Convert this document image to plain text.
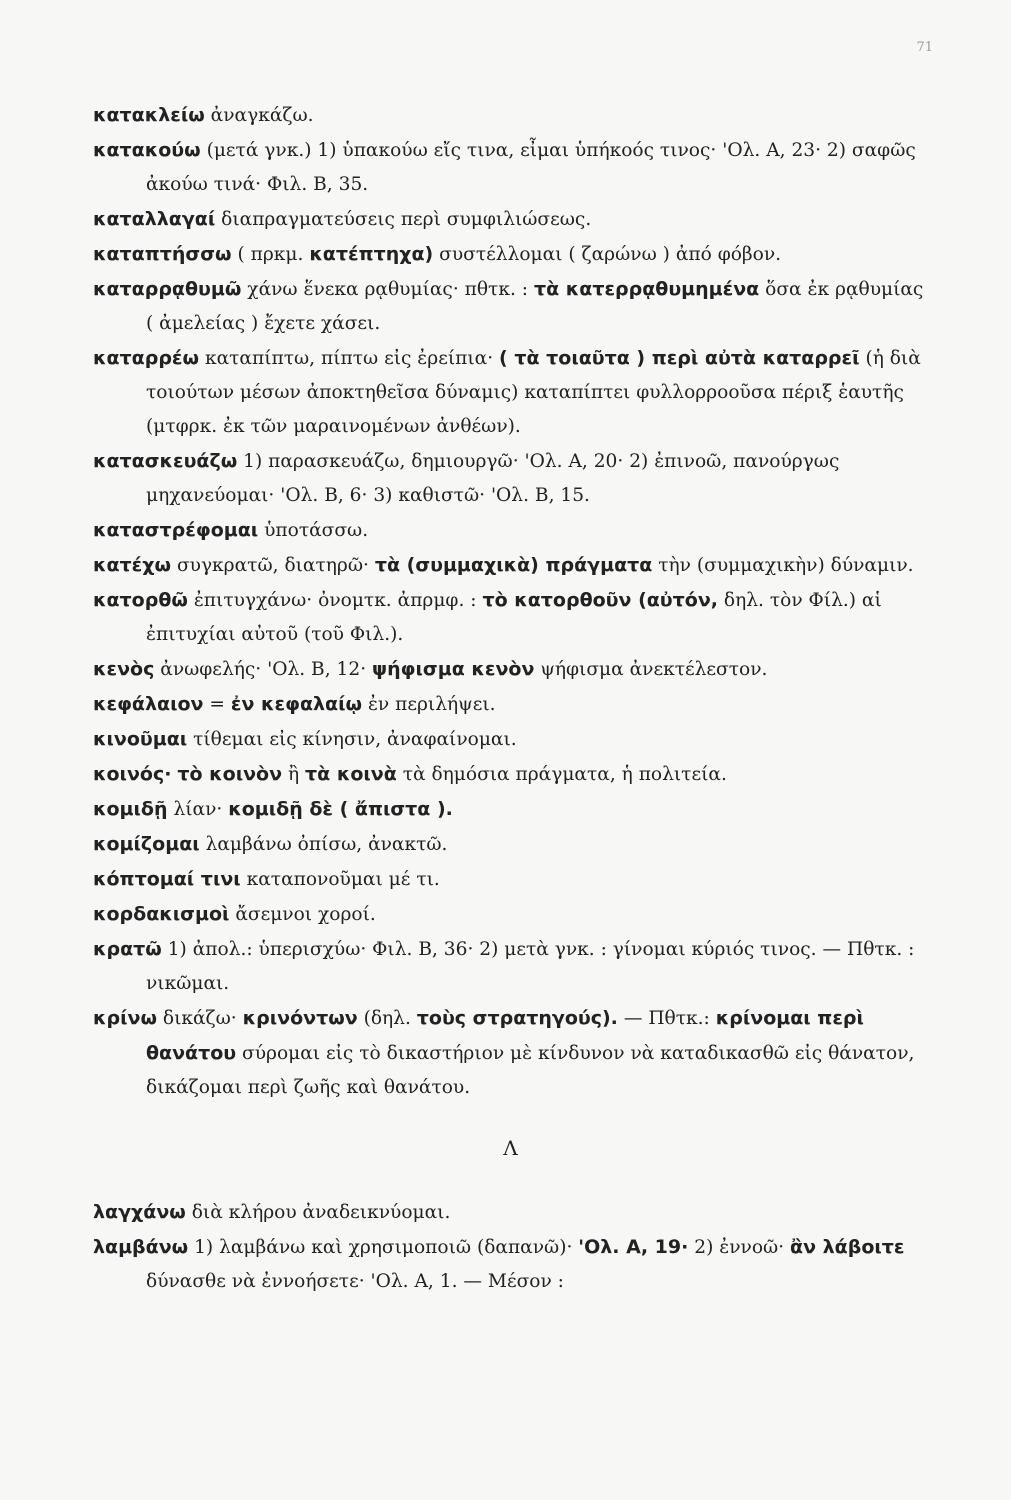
71
κατακλείω ἀναγκάζω.
κατακούω (μετά γνκ.) 1) ὑπακούω εἴς τινα, εἶμαι ὑπήκοός τινος· 'Ολ. Α, 23· 2) σαφῶς ἀκούω τινά· Φιλ. Β, 35.
καταλλαγαί διαπραγματεύσεις περὶ συμφιλιώσεως.
καταπτήσσω ( πρκμ. κατέπτηχα) συστέλλομαι ( ζαρώνω ) ἀπό φόβον.
καταρρᾳθυμῶ χάνω ἕνεκα ρᾳθυμίας· πθτκ. : τὰ κατερρᾳθυμημένα ὅσα ἐκ ρᾳθυμίας ( ἀμελείας ) ἔχετε χάσει.
καταρρέω καταπίπτω, πίπτω εἰς ἐρείπια· ( τὰ τοιαῦτα ) περὶ αὐτὰ καταρρεῖ (ἡ διὰ τοιούτων μέσων ἀποκτηθεῖσα δύναμις) καταπίπτει φυλλορροοῦσα πέριξ ἑαυτῆς (μτφρκ. ἐκ τῶν μαραινομένων ἀνθέων).
κατασκευάζω 1) παρασκευάζω, δημιουργῶ· 'Ολ. Α, 20· 2) ἐπινοῶ, πανούργως μηχανεύομαι· 'Ολ. Β, 6· 3) καθιστῶ· 'Ολ. Β, 15.
καταστρέφομαι ὑποτάσσω.
κατέχω συγκρατῶ, διατηρῶ· τὰ (συμμαχικὰ) πράγματα τὴν (συμμαχικὴν) δύναμιν.
κατορθῶ ἐπιτυγχάνω· ὀνομτκ. ἀπρμφ. : τὸ κατορθοῦν (αὐτόν, δηλ. τὸν Φίλ.) αἱ ἐπιτυχίαι αὐτοῦ (τοῦ Φιλ.).
κενὸς ἀνωφελής· 'Ολ. Β, 12· ψήφισμα κενὸν ψήφισμα ἀνεκτέλεστον.
κεφάλαιον = ἐν κεφαλαίῳ ἐν περιλήψει.
κινοῦμαι τίθεμαι εἰς κίνησιν, ἀναφαίνομαι.
κοινός· τὸ κοινὸν ἢ τὰ κοινὰ τὰ δημόσια πράγματα, ἡ πολιτεία.
κομιδῇ λίαν· κομιδῇ δὲ ( ἄπιστα ).
κομίζομαι λαμβάνω ὀπίσω, ἀνακτῶ.
κόπτομαί τινι καταπονοῦμαι μέ τι.
κορδακισμοὶ ἄσεμνοι χοροί.
κρατῶ 1) ἀπολ.: ὑπερισχύω· Φιλ. Β, 36· 2) μετὰ γνκ. : γίνομαι κύριός τινος. — Πθτκ. : νικῶμαι.
κρίνω δικάζω· κρινόντων (δηλ. τοὺς στρατηγούς). — Πθτκ.: κρίνομαι περὶ θανάτου σύρομαι εἰς τὸ δικαστήριον μὲ κίνδυνον νὰ καταδικασθῶ εἰς θάνατον, δικάζομαι περὶ ζωῆς καὶ θανάτου.
Λ
λαγχάνω διὰ κλήρου ἀναδεικνύομαι.
λαμβάνω 1) λαμβάνω καὶ χρησιμοποιῶ (δαπανῶ)· 'Ολ. Α, 19· 2) ἐννοῶ· ἂν λάβοιτε δύνασθε νὰ ἐννοήσετε· 'Ολ. Α, 1. — Μέσον :
